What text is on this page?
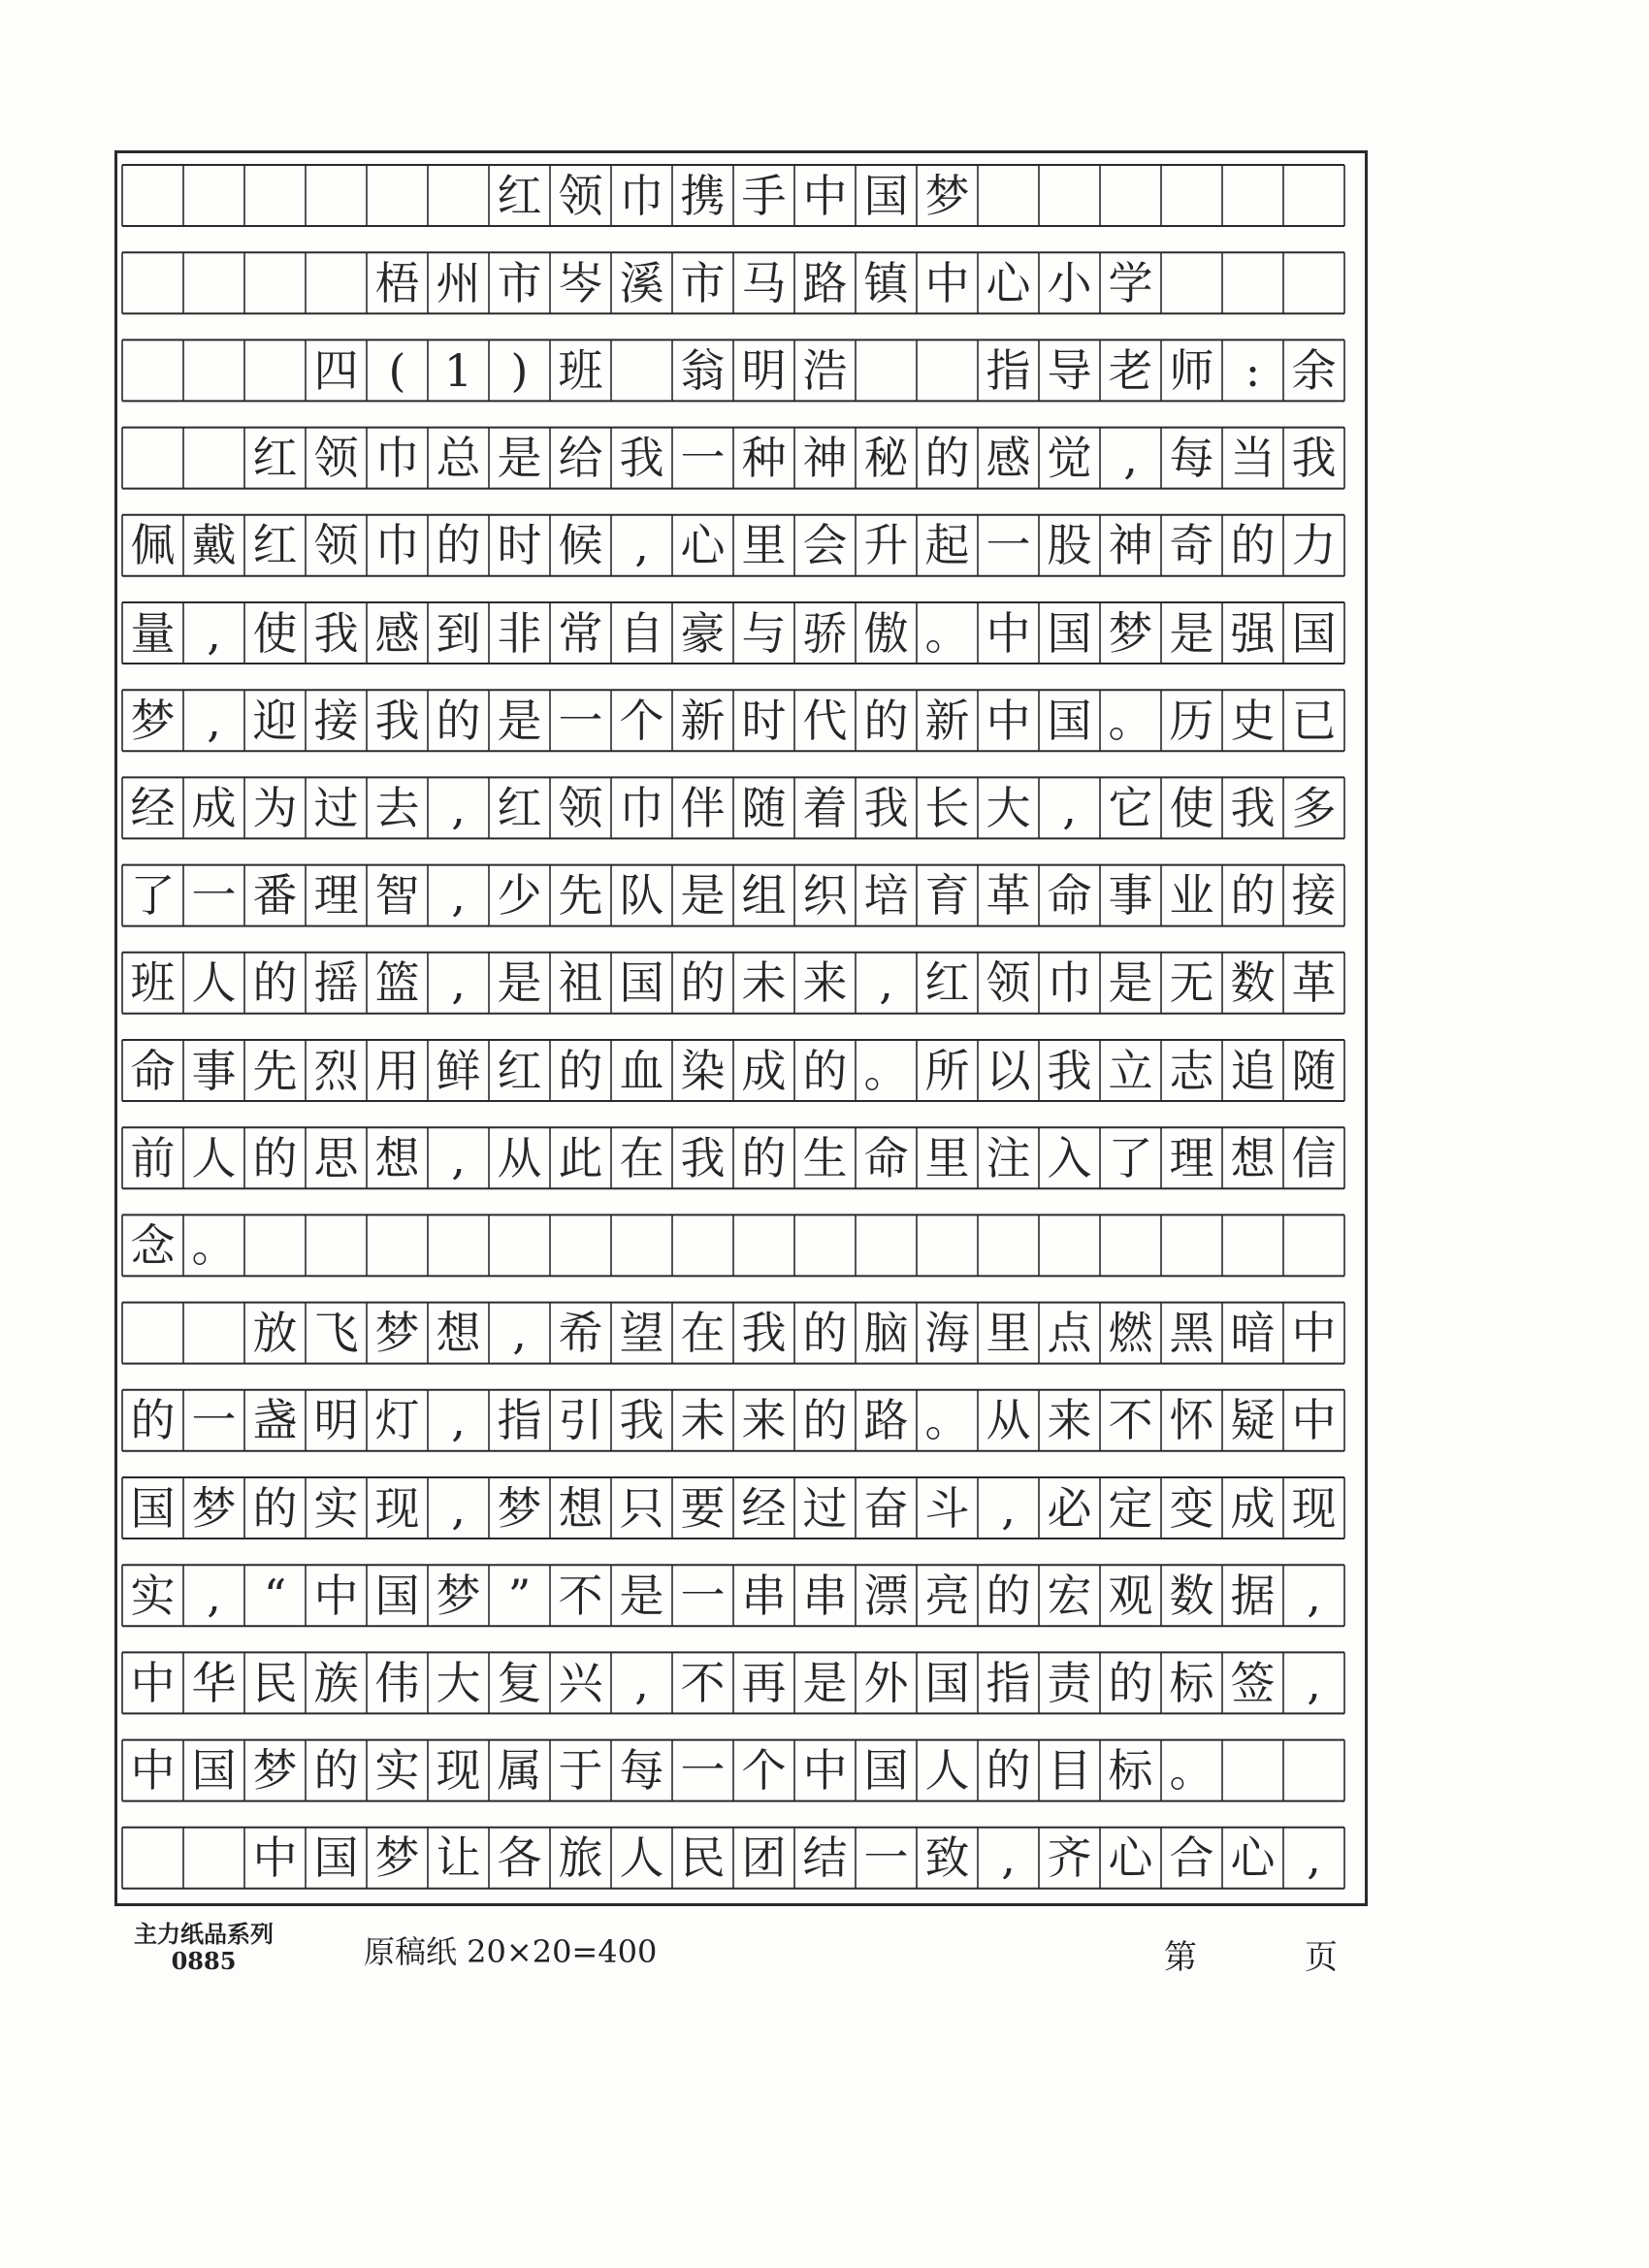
红 领 巾 携 手 中 国 梦
梧 州 市 岑 溪 市 马 路 镇 中 心 小 学
四 ( 1 ) 班 翁 明 浩	指 导 老 师 : 余
红 领 巾 总 是 给 我 一 种 神 秘 的 感 觉 , 每 当 我
佩 戴 红 领 巾 的 时 候 , 心 里 会 升 起 一 股 神 奇 的 力
量 , 使 我 感 到 非 常 自 豪 与 骄 傲 。 中 国 梦 是 强 国
梦 , 迎 接 我 的 是 一 个 新 时 代 的 新 中 国 。 历 史 已
经 成 为 过 去 , 红 领 巾 伴 随 着 我 长 大 , 它 使 我 多
了 一 番 理 智 , 少 先 队 是 组 织 培 育 革 命 事 业 的 接
班 人 的 摇 篮 , 是 祖 国 的 未 来 , 红 领 巾 是 无 数 革
命 事 先 烈 用 鲜 红 的 血 染 成 的 。 所 以 我 立 志 追 随
前 人 的 思 想 , 从 此 在 我 的 生 命 里 注 入 了 理 想 信
念 。
放 飞 梦 想 , 希 望 在 我 的 脑 海 里 点 燃 黑 暗 中
的 一 盏 明 灯 , 指 引 我 未 来 的 路 。 从 来 不 怀 疑 中
国 梦 的 实 现 , 梦 想 只 要 经 过 奋 斗 , 必 定 变 成 现
实 , “ 中 国 梦 ” 不 是 一 串 串 漂 亮 的 宏 观 数 据 ,
中 华 民 族 伟 大 复 兴 , 不 再 是 外 国 指 责 的 标 签 ,
中 国 梦 的 实 现 属 于 每 一 个 中 国 人 的 目 标 。
中 国 梦 让 各 旅 人 民 团 结 一 致 , 齐 心 合 心 ,
主力纸品系列
0885	原稿纸 20×20=400	第	页
